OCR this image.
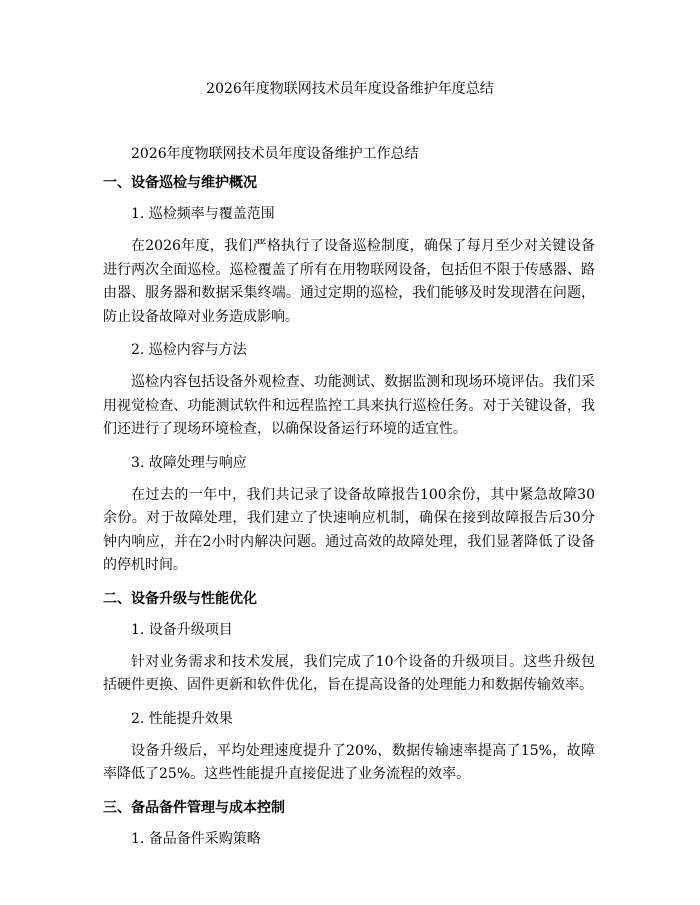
2026年度物联网技术员年度设备维护年度总结
2026年度物联网技术员年度设备维护工作总结
一、设备巡检与维护概况
1. 巡检频率与覆盖范围
在2026年度，我们严格执行了设备巡检制度，确保了每月至少对关键设备进行两次全面巡检。巡检覆盖了所有在用物联网设备，包括但不限于传感器、路由器、服务器和数据采集终端。通过定期的巡检，我们能够及时发现潜在问题，防止设备故障对业务造成影响。
2. 巡检内容与方法
巡检内容包括设备外观检查、功能测试、数据监测和现场环境评估。我们采用视觉检查、功能测试软件和远程监控工具来执行巡检任务。对于关键设备，我们还进行了现场环境检查，以确保设备运行环境的适宜性。
3. 故障处理与响应
在过去的一年中，我们共记录了设备故障报告100余份，其中紧急故障30余份。对于故障处理，我们建立了快速响应机制，确保在接到故障报告后30分钟内响应，并在2小时内解决问题。通过高效的故障处理，我们显著降低了设备的停机时间。
二、设备升级与性能优化
1. 设备升级项目
针对业务需求和技术发展，我们完成了10个设备的升级项目。这些升级包括硬件更换、固件更新和软件优化，旨在提高设备的处理能力和数据传输效率。
2. 性能提升效果
设备升级后，平均处理速度提升了20%，数据传输速率提高了15%，故障率降低了25%。这些性能提升直接促进了业务流程的效率。
三、备品备件管理与成本控制
1. 备品备件采购策略
